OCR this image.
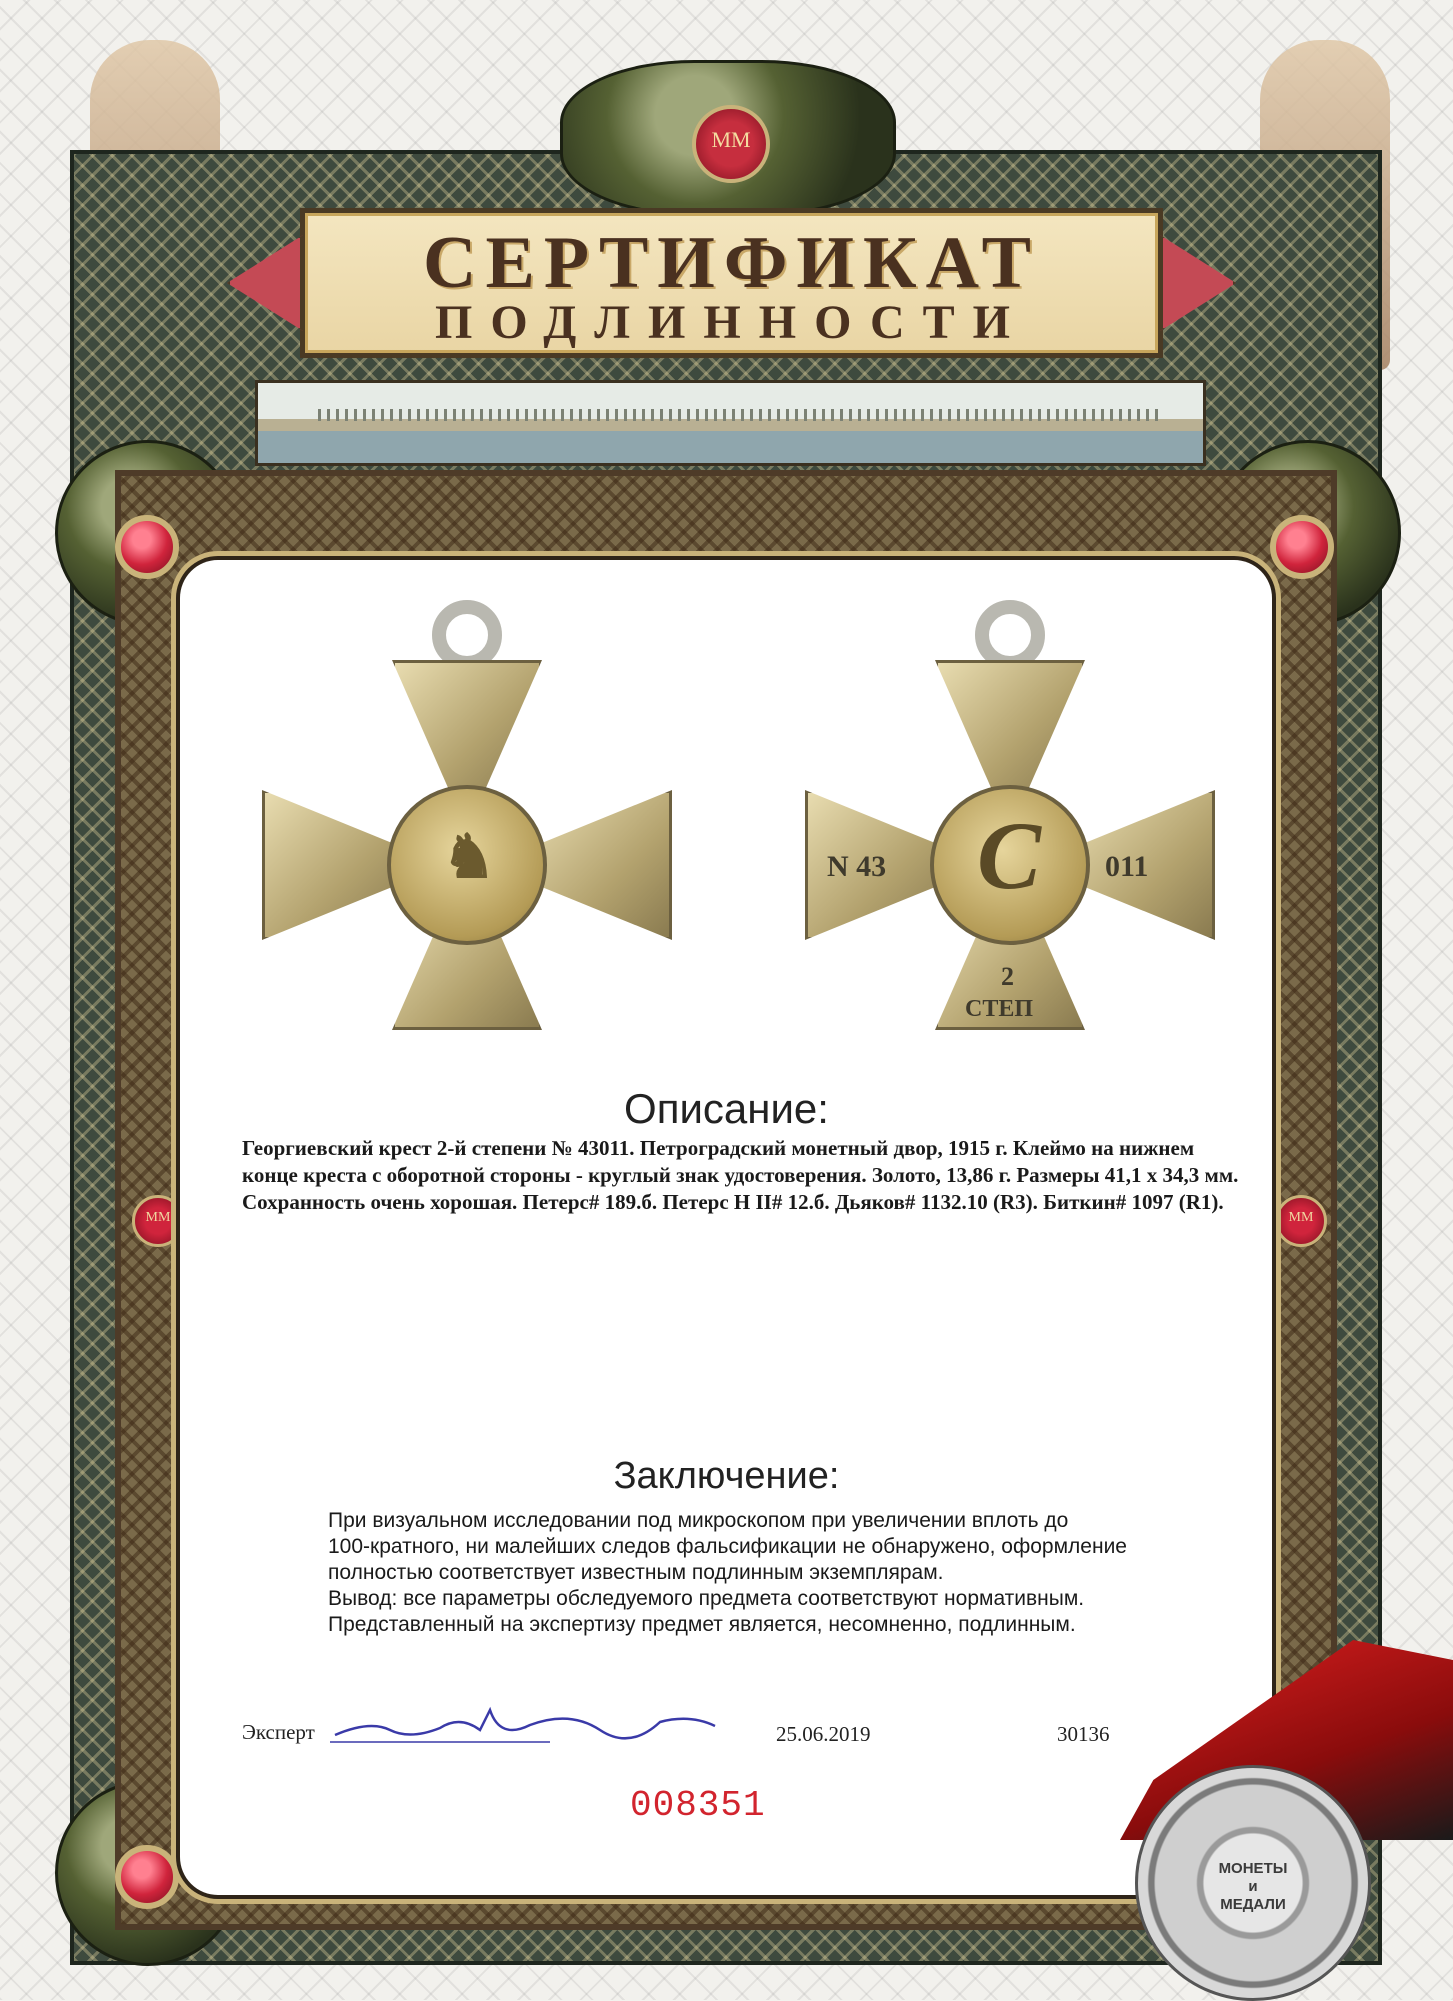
ММ
СЕРТИФИКАТ
ПОДЛИННОСТИ
ММ	ММ
♞	C
N 43	011
2
СТЕП
Описание:
Георгиевский крест 2-й степени № 43011. Петроградский монетный двор, 1915 г. Клеймо на нижнем конце креста с оборотной стороны - круглый знак удостоверения. Золото, 13,86 г. Размеры 41,1 х 34,3 мм. Сохранность очень хорошая. Петерс# 189.б. Петерс Н II# 12.б. Дьяков# 1132.10 (R3). Биткин# 1097 (R1).
Заключение:
При визуальном исследовании под микроскопом при увеличении вплоть до
100-кратного, ни малейших следов фальсификации не обнаружено, оформление
полностью соответствует известным подлинным экземплярам.
Вывод: все параметры обследуемого предмета соответствуют нормативным.
Представленный на экспертизу предмет является, несомненно, подлинным.
Эксперт	25.06.2019	30136
008351
МОНЕТЫ
и
МЕДАЛИ
